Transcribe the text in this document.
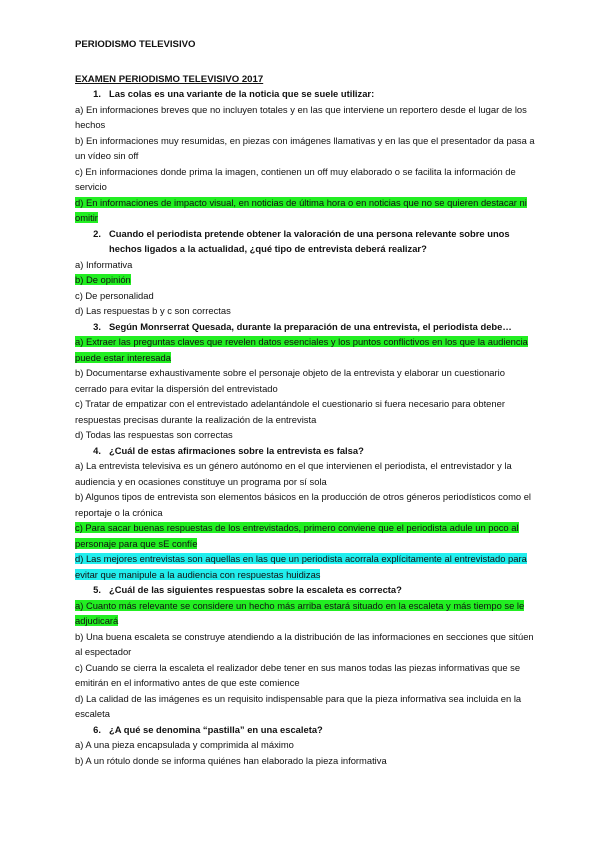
PERIODISMO TELEVISIVO
EXAMEN PERIODISMO TELEVISIVO 2017
1. Las colas es una variante de la noticia que se suele utilizar:
a) En informaciones breves que no incluyen totales y en las que interviene un reportero desde el lugar de los hechos
b) En informaciones muy resumidas, en piezas con imágenes llamativas y en las que el presentador da pasa a un vídeo sin off
c) En informaciones donde prima la imagen, contienen un off muy elaborado o se facilita la información de servicio
d) En informaciones de impacto visual, en noticias de última hora o en noticias que no se quieren destacar ni omitir
2. Cuando el periodista pretende obtener la valoración de una persona relevante sobre unos hechos ligados a la actualidad, ¿qué tipo de entrevista deberá realizar?
a) Informativa
b) De opinión
c) De personalidad
d) Las respuestas b y c son correctas
3. Según Monrserrat Quesada, durante la preparación de una entrevista, el periodista debe…
a) Extraer las preguntas claves que revelen datos esenciales y los puntos conflictivos en los que la audiencia puede estar interesada
b) Documentarse exhaustivamente sobre el personaje objeto de la entrevista y elaborar un cuestionario cerrado para evitar la dispersión del entrevistado
c) Tratar de empatizar con el entrevistado adelantándole el cuestionario si fuera necesario para obtener respuestas precisas durante la realización de la entrevista
d) Todas las respuestas son correctas
4. ¿Cuál de estas afirmaciones sobre la entrevista es falsa?
a) La entrevista televisiva es un género autónomo en el que intervienen el periodista, el entrevistador y la audiencia y en ocasiones constituye un programa por sí sola
b) Algunos tipos de entrevista son elementos básicos en la producción de otros géneros periodísticos como el reportaje o la crónica
c) Para sacar buenas respuestas de los entrevistados, primero conviene que el periodista adule un poco al personaje para que sE confíe
d) Las mejores entrevistas son aquellas en las que un periodista acorrala explícitamente al entrevistado para evitar que manipule a la audiencia con respuestas huidizas
5. ¿Cuál de las siguientes respuestas sobre la escaleta es correcta?
a) Cuanto más relevante se considere un hecho más arriba estará situado en la escaleta y más tiempo se le adjudicará
b) Una buena escaleta se construye atendiendo a la distribución de las informaciones en secciones que sitúen al espectador
c) Cuando se cierra la escaleta el realizador debe tener en sus manos todas las piezas informativas que se emitirán en el informativo antes de que este comience
d) La calidad de las imágenes es un requisito indispensable para que la pieza informativa sea incluida en la escaleta
6. ¿A qué se denomina “pastilla” en una escaleta?
a) A una pieza encapsulada y comprimida al máximo
b) A un rótulo donde se informa quiénes han elaborado la pieza informativa
